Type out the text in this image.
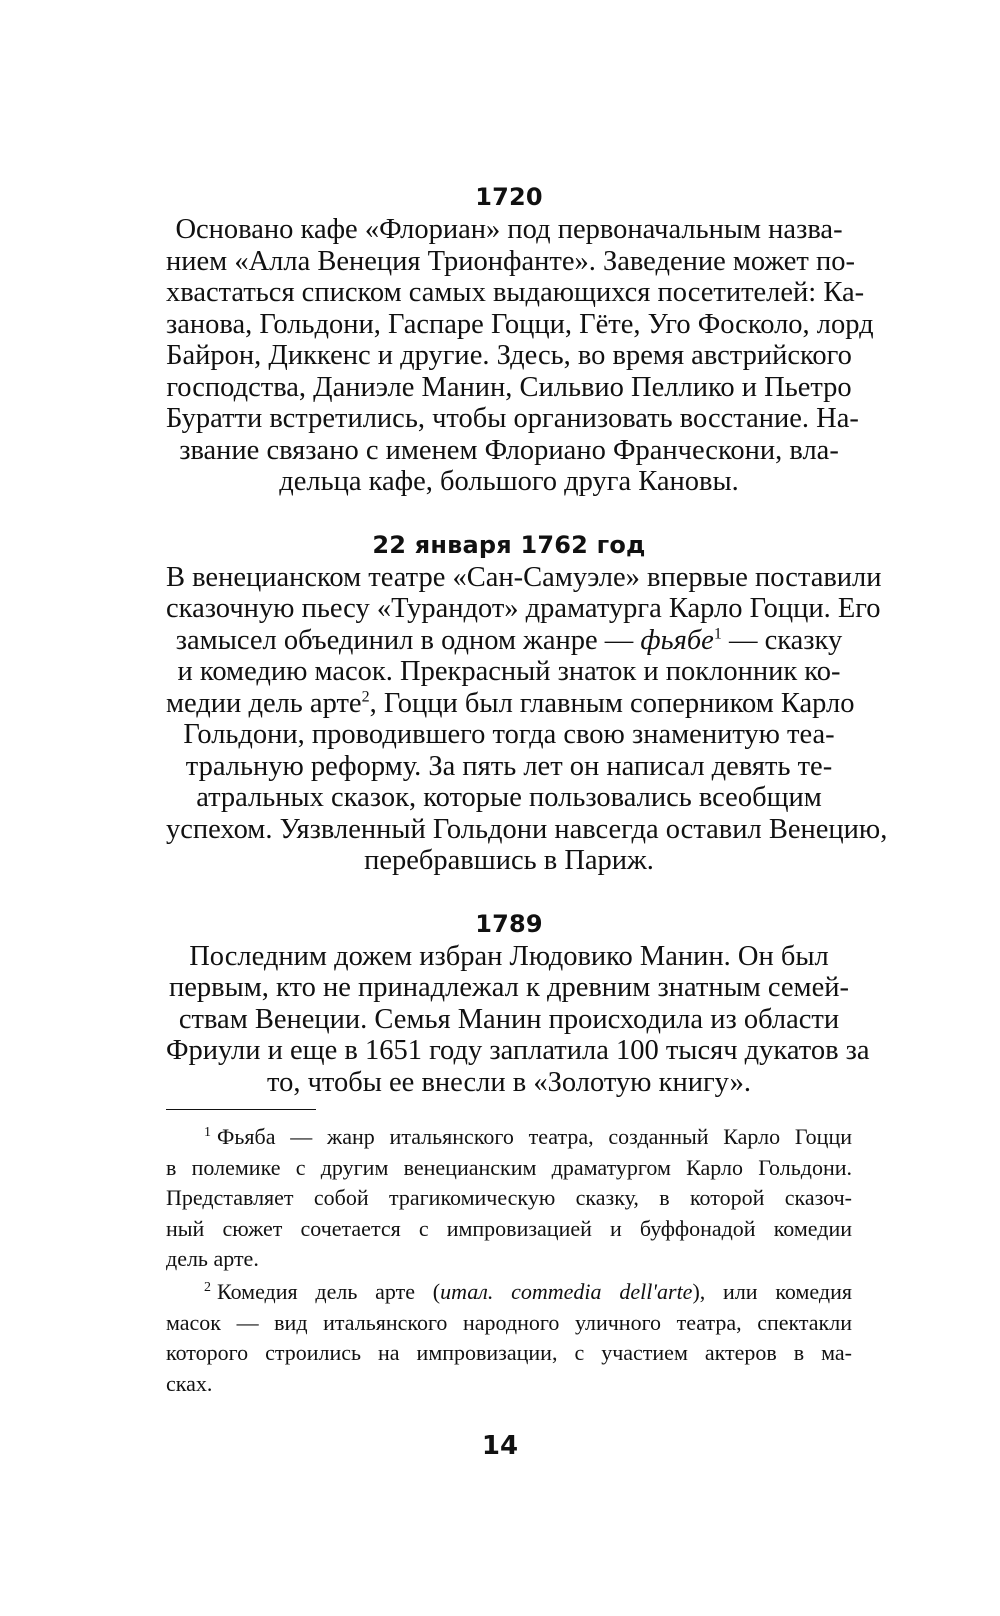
1720

Основано кафе «Флориан» под первоначальным назва-
нием «Алла Венеция Трионфанте». Заведение может по-
хвастаться списком самых выдающихся посетителей: Ка-
занова, Гольдони, Гаспаре Гоцци, Гёте, Уго Фосколо, лорд
Байрон, Диккенс и другие. Здесь, во время австрийского
господства, Даниэле Манин, Сильвио Пеллико и Пьетро
Буратти встретились, чтобы организовать восстание. На-
звание связано с именем Флориано Франческони, вла-
дельца кафе, большого друга Кановы.

22 января 1762 год

В венецианском театре «Сан-Самуэле» впервые поставили
сказочную пьесу «Турандот» драматурга Карло Гоцци. Его
замысел объединил в одном жанре — фьябе$^1$ — сказку
и комедию масок. Прекрасный знаток и поклонник ко-
медии дель арте$^2$, Гоцци был главным соперником Карло
Гольдони, проводившего тогда свою знаменитую теа-
тральную реформу. За пять лет он написал девять те-
атральных сказок, которые пользовались всеобщим
успехом. Уязвленный Гольдони навсегда оставил Венецию,
перебравшись в Париж.

1789

Последним дожем избран Людовико Манин. Он был
первым, кто не принадлежал к древним знатным семей-
ствам Венеции. Семья Манин происходила из области
Фриули и еще в 1651 году заплатила 100 тысяч дукатов за
то, чтобы ее внесли в «Золотую книгу».

$^1$ Фьяба — жанр итальянского театра, созданный Карло Гоцци
в полемике с другим венецианским драматургом Карло Гольдони.
Представляет собой трагикомическую сказку, в которой сказоч-
ный сюжет сочетается с импровизацией и буффонадой комедии
дель арте.

$^2$ Комедия дель арте (итал. commedia dell'arte), или комедия
масок — вид итальянского народного уличного театра, спектакли
которого строились на импровизации, с участием актеров в ма-
сках.

14
